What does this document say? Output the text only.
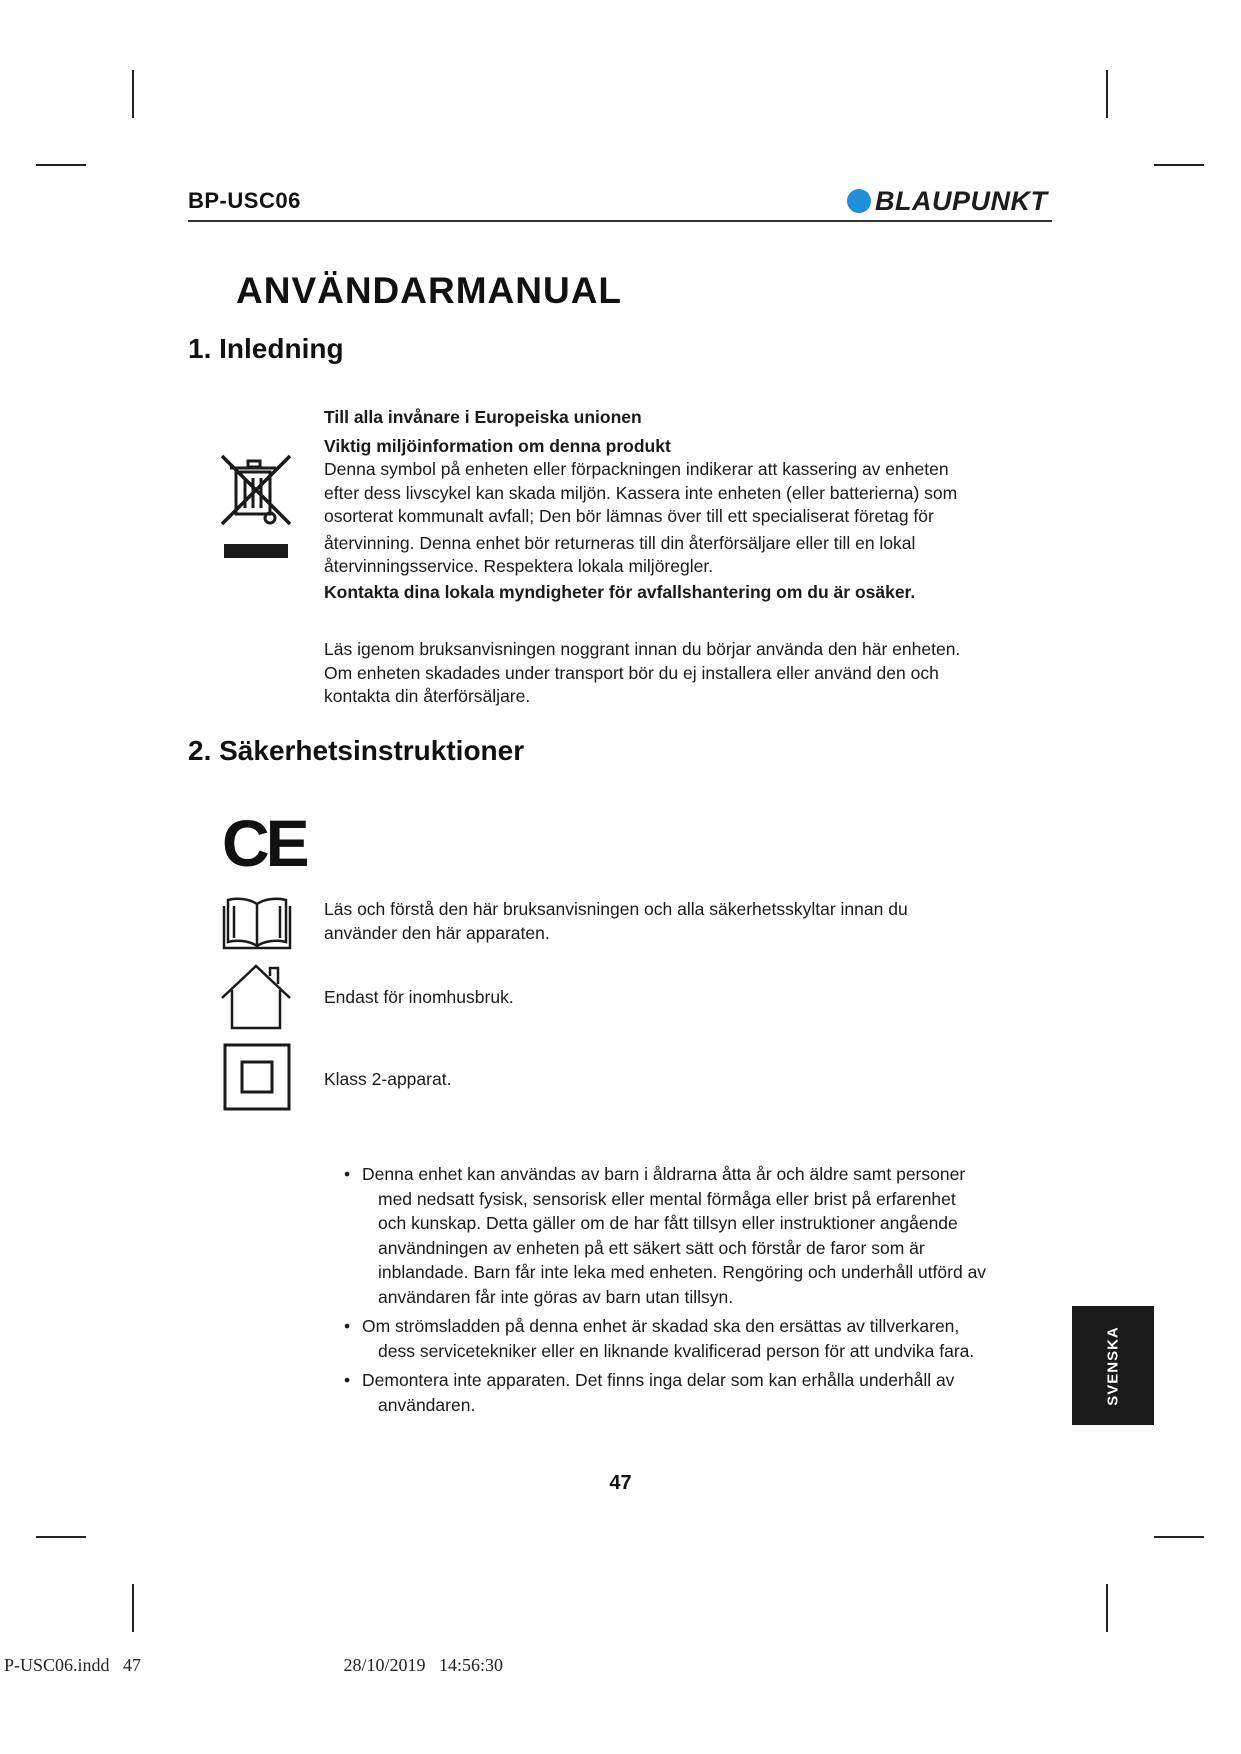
BP-USC06	BLAUPUNKT
ANVÄNDARMANUAL
1. Inledning
Till alla invånare i Europeiska unionen
Viktig miljöinformation om denna produkt
Denna symbol på enheten eller förpackningen indikerar att kassering av enheten
efter dess livscykel kan skada miljön. Kassera inte enheten (eller batterierna) som
osorterat kommunalt avfall; Den bör lämnas över till ett specialiserat företag för
återvinning. Denna enhet bör returneras till din återförsäljare eller till en lokal
återvinningsservice. Respektera lokala miljöregler.
Kontakta dina lokala myndigheter för avfallshantering om du är osäker.
Läs igenom bruksanvisningen noggrant innan du börjar använda den här enheten.
Om enheten skadades under transport bör du ej installera eller använd den och
kontakta din återförsäljare.
2. Säkerhetsinstruktioner
CE
Läs och förstå den här bruksanvisningen och alla säkerhetsskyltar innan du
använder den här apparaten.
Endast för inomhusbruk.
Klass 2-apparat.
• Denna enhet kan användas av barn i åldrarna åtta år och äldre samt personer
med nedsatt fysisk, sensorisk eller mental förmåga eller brist på erfarenhet
och kunskap. Detta gäller om de har fått tillsyn eller instruktioner angående
användningen av enheten på ett säkert sätt och förstår de faror som är
inblandade. Barn får inte leka med enheten. Rengöring och underhåll utförd av
användaren får inte göras av barn utan tillsyn.
• Om strömsladden på denna enhet är skadad ska den ersättas av tillverkaren,
dess servicetekniker eller en liknande kvalificerad person för att undvika fara.
• Demontera inte apparaten. Det finns inga delar som kan erhålla underhåll av
användaren.	SVENSKA
47
P-USC06.indd   47                                             28/10/2019   14:56:30
